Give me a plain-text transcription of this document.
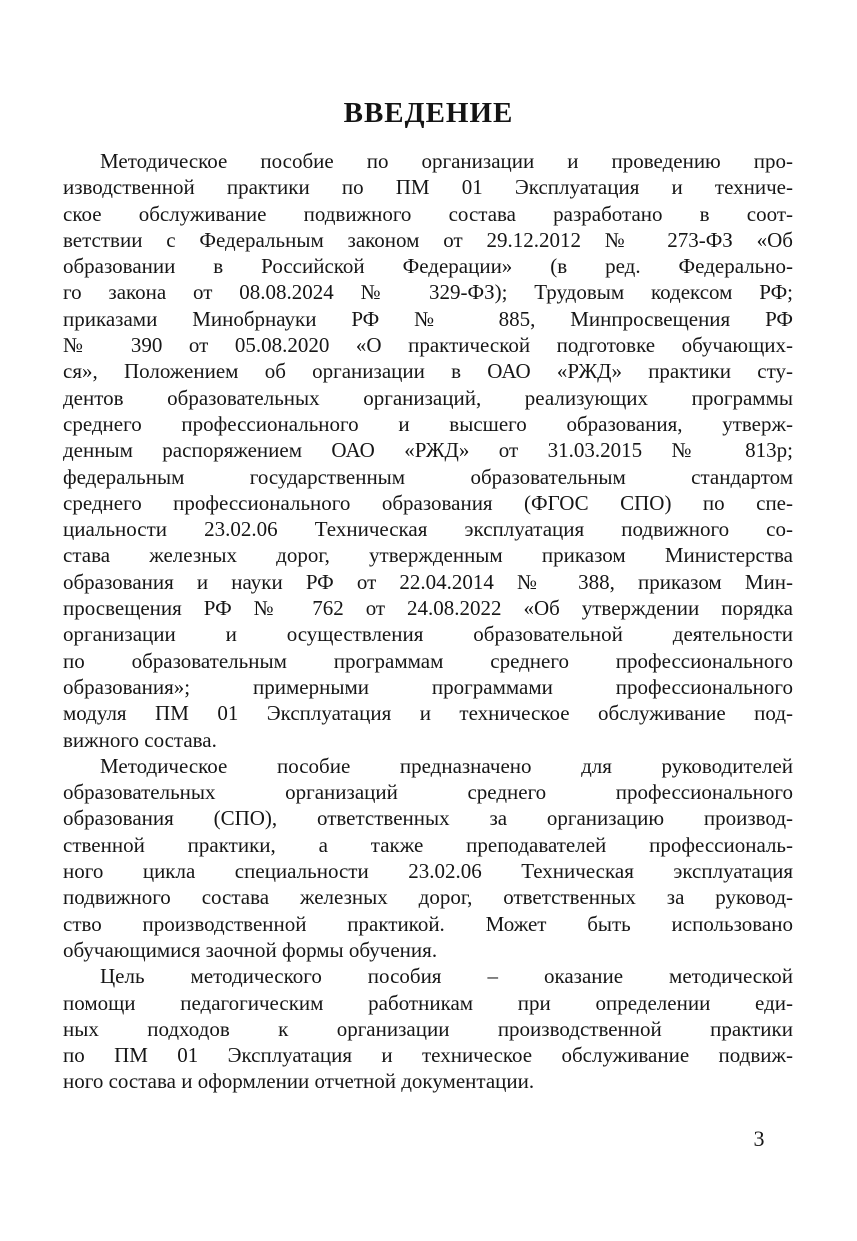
ВВЕДЕНИЕ

Методическое пособие по организации и проведению про-
изводственной практики по ПМ 01 Эксплуатация и техниче-
ское обслуживание подвижного состава разработано в соот-
ветствии с Федеральным законом от 29.12.2012 № 273-ФЗ «Об
образовании в Российской Федерации» (в ред. Федерально-
го закона от 08.08.2024 № 329-ФЗ); Трудовым кодексом РФ;
приказами Минобрнауки РФ № 885, Минпросвещения РФ
№ 390 от 05.08.2020 «О практической подготовке обучающих-
ся», Положением об организации в ОАО «РЖД» практики сту-
дентов образовательных организаций, реализующих программы
среднего профессионального и высшего образования, утверж-
денным распоряжением ОАО «РЖД» от 31.03.2015 № 813р;
федеральным государственным образовательным стандартом
среднего профессионального образования (ФГОС СПО) по спе-
циальности 23.02.06 Техническая эксплуатация подвижного со-
става железных дорог, утвержденным приказом Министерства
образования и науки РФ от 22.04.2014 № 388, приказом Мин-
просвещения РФ № 762 от 24.08.2022 «Об утверждении порядка
организации и осуществления образовательной деятельности
по образовательным программам среднего профессионального
образования»; примерными программами профессионального
модуля ПМ 01 Эксплуатация и техническое обслуживание под-
вижного состава.

Методическое пособие предназначено для руководителей
образовательных организаций среднего профессионального
образования (СПО), ответственных за организацию производ-
ственной практики, а также преподавателей профессиональ-
ного цикла специальности 23.02.06 Техническая эксплуатация
подвижного состава железных дорог, ответственных за руковод-
ство производственной практикой. Может быть использовано
обучающимися заочной формы обучения.

Цель методического пособия – оказание методической
помощи педагогическим работникам при определении еди-
ных подходов к организации производственной практики
по ПМ 01 Эксплуатация и техническое обслуживание подвиж-
ного состава и оформлении отчетной документации.

3
